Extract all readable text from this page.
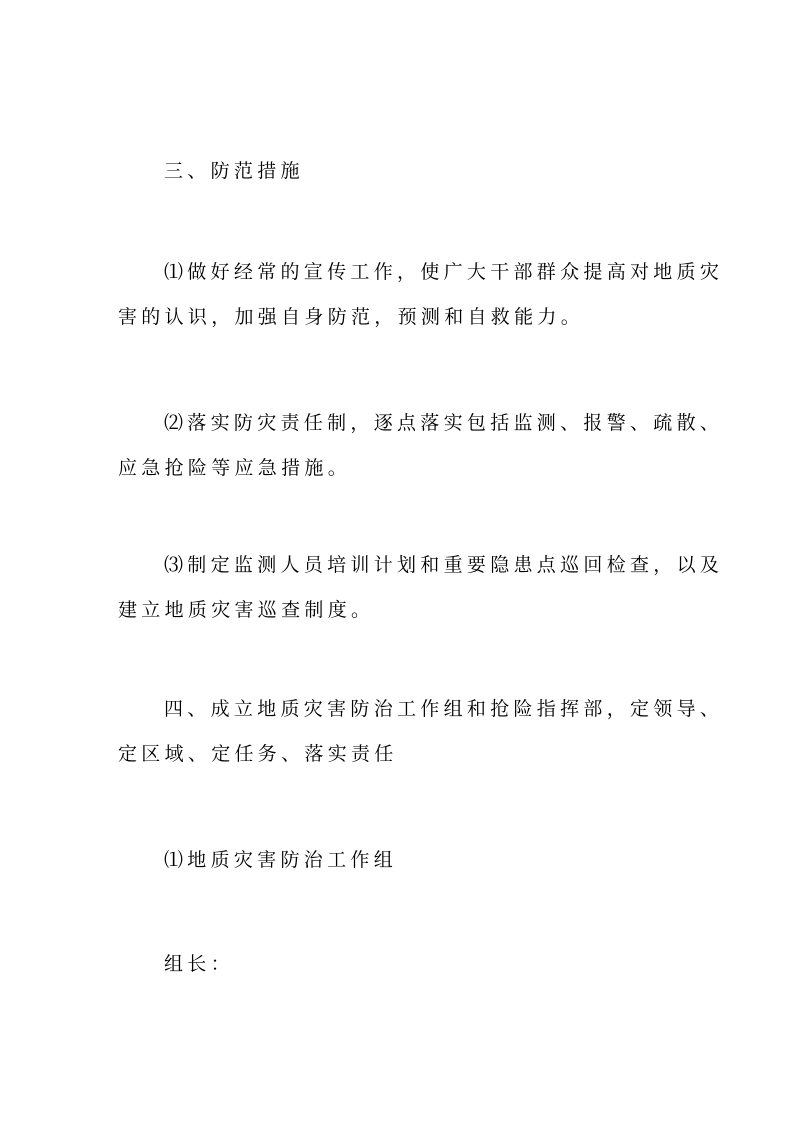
三、防范措施
⑴做好经常的宣传工作，使广大干部群众提高对地质灾
害的认识，加强自身防范，预测和自救能力。
⑵落实防灾责任制，逐点落实包括监测、报警、疏散、
应急抢险等应急措施。
⑶制定监测人员培训计划和重要隐患点巡回检查，以及
建立地质灾害巡查制度。
四、成立地质灾害防治工作组和抢险指挥部，定领导、
定区域、定任务、落实责任
⑴地质灾害防治工作组
组长：
